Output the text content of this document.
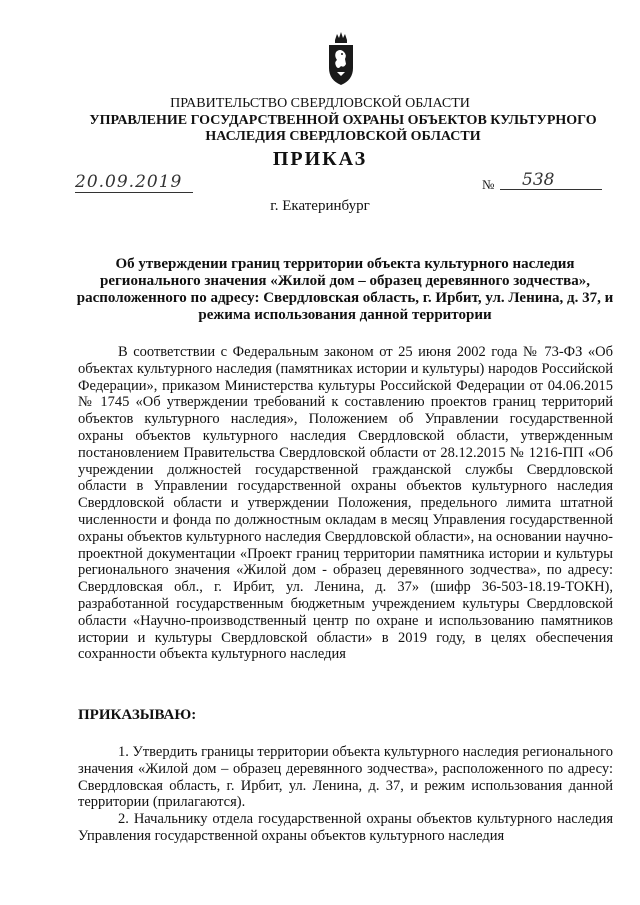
ПРАВИТЕЛЬСТВО СВЕРДЛОВСКОЙ ОБЛАСТИ
УПРАВЛЕНИЕ ГОСУДАРСТВЕННОЙ ОХРАНЫ ОБЪЕКТОВ КУЛЬТУРНОГО НАСЛЕДИЯ СВЕРДЛОВСКОЙ ОБЛАСТИ
ПРИКАЗ
20.09.2019	№ 538
г. Екатеринбург
Об утверждении границ территории объекта культурного наследия регионального значения «Жилой дом – образец деревянного зодчества», расположенного по адресу: Свердловская область, г. Ирбит, ул. Ленина, д. 37, и режима использования данной территории
В соответствии с Федеральным законом от 25 июня 2002 года № 73-ФЗ «Об объектах культурного наследия (памятниках истории и культуры) народов Российской Федерации», приказом Министерства культуры Российской Федерации от 04.06.2015 № 1745 «Об утверждении требований к составлению проектов границ территорий объектов культурного наследия», Положением об Управлении государственной охраны объектов культурного наследия Свердловской области, утвержденным постановлением Правительства Свердловской области от 28.12.2015 № 1216-ПП «Об учреждении должностей государственной гражданской службы Свердловской области в Управлении государственной охраны объектов культурного наследия Свердловской области и утверждении Положения, предельного лимита штатной численности и фонда по должностным окладам в месяц Управления государственной охраны объектов культурного наследия Свердловской области», на основании научно-проектной документации «Проект границ территории памятника истории и культуры регионального значения «Жилой дом - образец деревянного зодчества», по адресу: Свердловская обл., г. Ирбит, ул. Ленина, д. 37» (шифр 36-503-18.19-ТОКН), разработанной государственным бюджетным учреждением культуры Свердловской области «Научно-производственный центр по охране и использованию памятников истории и культуры Свердловской области» в 2019 году, в целях обеспечения сохранности объекта культурного наследия
ПРИКАЗЫВАЮ:
1. Утвердить границы территории объекта культурного наследия регионального значения «Жилой дом – образец деревянного зодчества», расположенного по адресу: Свердловская область, г. Ирбит, ул. Ленина, д. 37, и режим использования данной территории (прилагаются).
2. Начальнику отдела государственной охраны объектов культурного наследия Управления государственной охраны объектов культурного наследия
